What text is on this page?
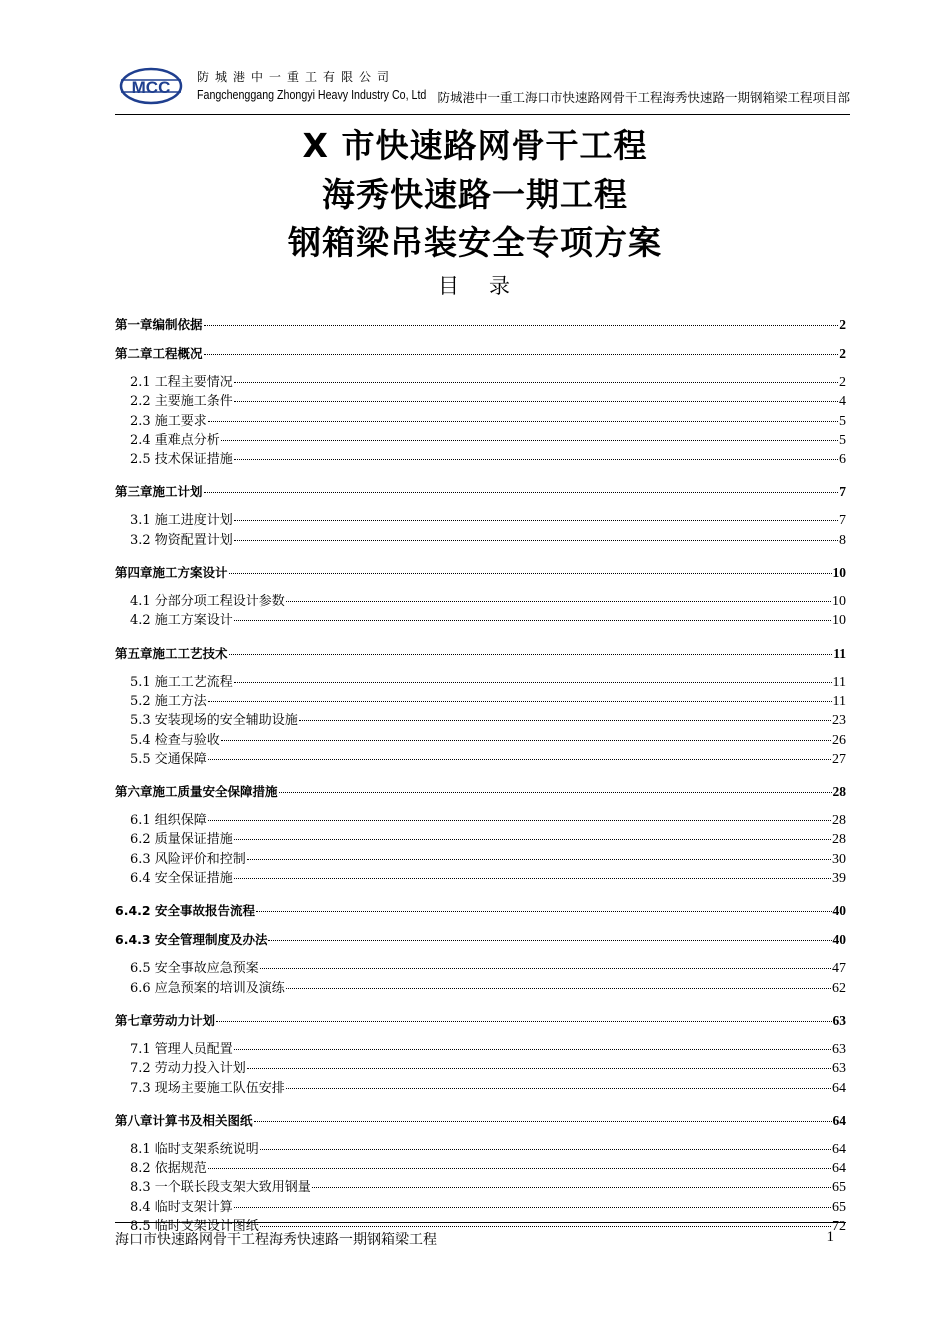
MCC
防城港中一重工有限公司
Fangchenggang Zhongyi Heavy Industry Co, Ltd 防城港中一重工海口市快速路网骨干工程海秀快速路一期钢箱梁工程项目部
X 市快速路网骨干工程
海秀快速路一期工程
钢箱梁吊装安全专项方案
目 录
第一章编制依据	2
第二章工程概况	2
2.1 工程主要情况	2
2.2 主要施工条件	4
2.3 施工要求	5
2.4 重难点分析	5
2.5 技术保证措施	6
第三章施工计划	7
3.1 施工进度计划	7
3.2 物资配置计划	8
第四章施工方案设计	10
4.1 分部分项工程设计参数	10
4.2 施工方案设计	10
第五章施工工艺技术	11
5.1 施工工艺流程	11
5.2 施工方法	11
5.3 安装现场的安全辅助设施	23
5.4 检查与验收	26
5.5 交通保障	27
第六章施工质量安全保障措施	28
6.1 组织保障	28
6.2 质量保证措施	28
6.3 风险评价和控制	30
6.4 安全保证措施	39
6.4.2 安全事故报告流程	40
6.4.3 安全管理制度及办法	40
6.5 安全事故应急预案	47
6.6 应急预案的培训及演练	62
第七章劳动力计划	63
7.1 管理人员配置	63
7.2 劳动力投入计划	63
7.3 现场主要施工队伍安排	64
第八章计算书及相关图纸	64
8.1 临时支架系统说明	64
8.2 依据规范	64
8.3 一个联长段支架大致用钢量	65
8.4 临时支架计算	65
8.5 临时支架设计图纸	72
海口市快速路网骨干工程海秀快速路一期钢箱梁工程	1
